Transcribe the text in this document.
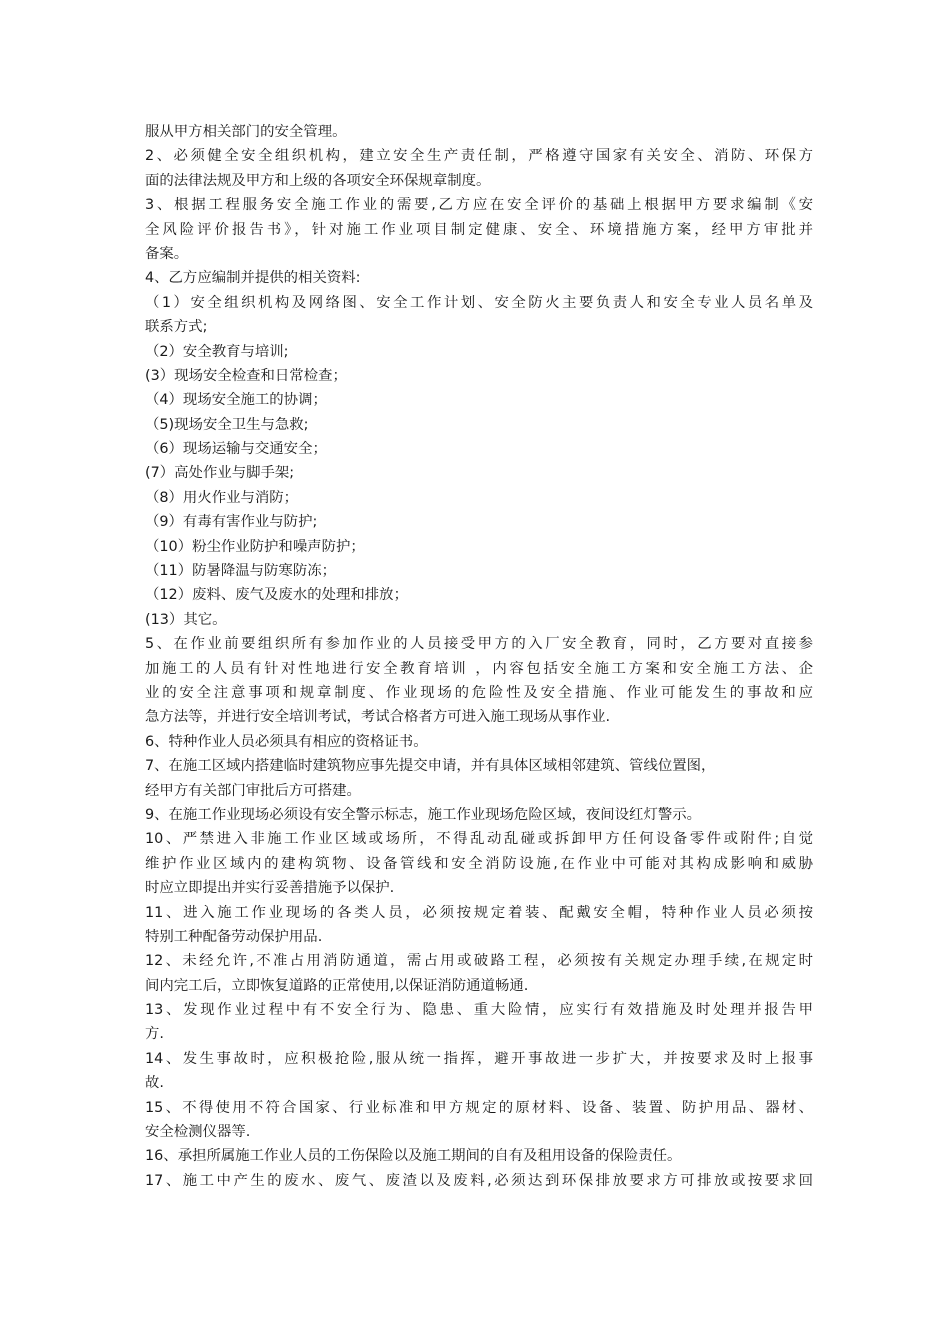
服从甲方相关部门的安全管理。
2、必须健全安全组织机构，建立安全生产责任制，严格遵守国家有关安全、消防、环保方
面的法律法规及甲方和上级的各项安全环保规章制度。
3、根据工程服务安全施工作业的需要,乙方应在安全评价的基础上根据甲方要求编制《安
全风险评价报告书》，针对施工作业项目制定健康、安全、环境措施方案，经甲方审批并
备案。
4、乙方应编制并提供的相关资料:
（1）安全组织机构及网络图、安全工作计划、安全防火主要负责人和安全专业人员名单及
联系方式;
（2）安全教育与培训;
(3）现场安全检查和日常检查；
（4）现场安全施工的协调；
（5)现场安全卫生与急救;
（6）现场运输与交通安全；
(7）高处作业与脚手架;
（8）用火作业与消防；
（9）有毒有害作业与防护;
（10）粉尘作业防护和噪声防护；
（11）防暑降温与防寒防冻；
（12）废料、废气及废水的处理和排放；
(13）其它。
5、在作业前要组织所有参加作业的人员接受甲方的入厂安全教育，同时，乙方要对直接参
加施工的人员有针对性地进行安全教育培训 ，内容包括安全施工方案和安全施工方法、企
业的安全注意事项和规章制度、作业现场的危险性及安全措施、作业可能发生的事故和应
急方法等，并进行安全培训考试，考试合格者方可进入施工现场从事作业.
6、特种作业人员必须具有相应的资格证书。
7、在施工区域内搭建临时建筑物应事先提交申请，并有具体区域相邻建筑、管线位置图，
经甲方有关部门审批后方可搭建。
9、在施工作业现场必须设有安全警示标志，施工作业现场危险区域，夜间设红灯警示。
10、严禁进入非施工作业区域或场所，不得乱动乱碰或拆卸甲方任何设备零件或附件;自觉
维护作业区域内的建构筑物、设备管线和安全消防设施,在作业中可能对其构成影响和威胁
时应立即提出并实行妥善措施予以保护.
11、进入施工作业现场的各类人员，必须按规定着装、配戴安全帽，特种作业人员必须按
特别工种配备劳动保护用品.
12、未经允许,不准占用消防通道，需占用或破路工程，必须按有关规定办理手续,在规定时
间内完工后，立即恢复道路的正常使用,以保证消防通道畅通.
13、发现作业过程中有不安全行为、隐患、重大险情，应实行有效措施及时处理并报告甲
方.
14、发生事故时，应积极抢险,服从统一指挥，避开事故进一步扩大，并按要求及时上报事
故.
15、不得使用不符合国家、行业标准和甲方规定的原材料、设备、装置、防护用品、器材、
安全检测仪器等.
16、承担所属施工作业人员的工伤保险以及施工期间的自有及租用设备的保险责任。
17、施工中产生的废水、废气、废渣以及废料,必须达到环保排放要求方可排放或按要求回
